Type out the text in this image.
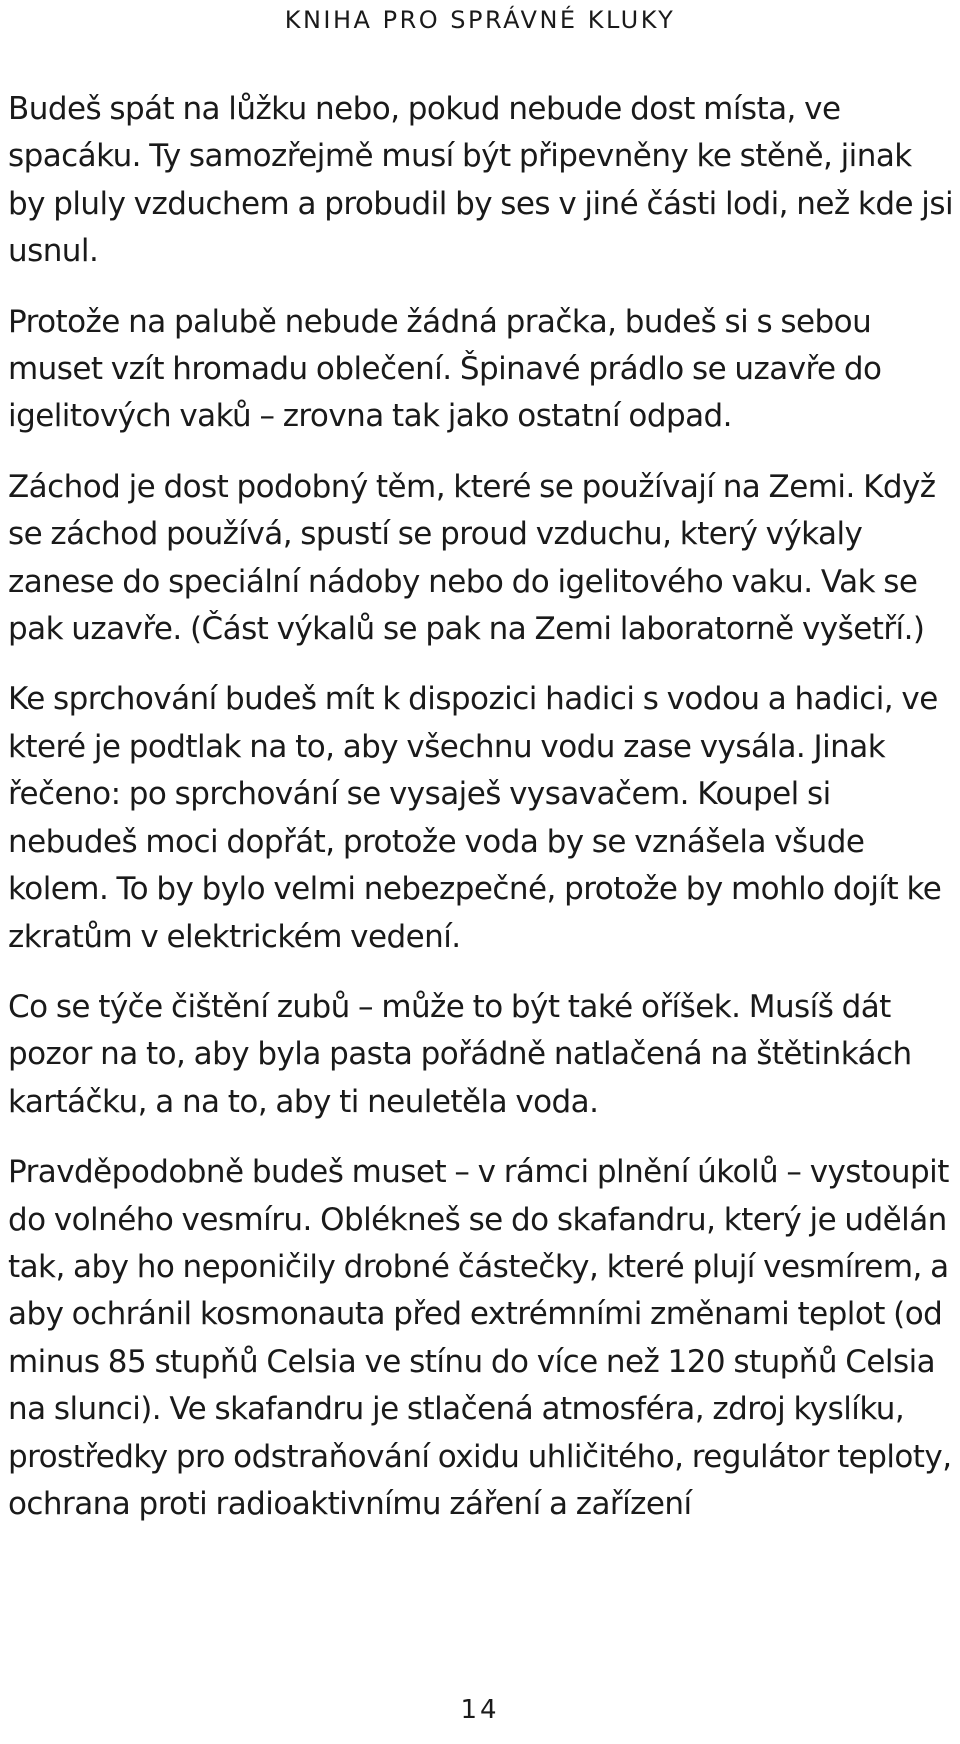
KNIHA PRO SPRÁVNÉ KLUKY

Budeš spát na lůžku nebo, pokud nebude dost místa, ve spacáku. Ty samozřejmě musí být připevněny ke stěně, jinak by pluly vzduchem a probudil by ses v jiné části lodi, než kde jsi usnul.

Protože na palubě nebude žádná pračka, budeš si s sebou muset vzít hromadu oblečení. Špinavé prádlo se uzavře do igelitových vaků – zrovna tak jako ostatní odpad.

Záchod je dost podobný těm, které se používají na Zemi. Když se záchod používá, spustí se proud vzduchu, který výkaly zanese do speciální nádoby nebo do igelitového vaku. Vak se pak uzavře. (Část výkalů se pak na Zemi laboratorně vyšetří.)

Ke sprchování budeš mít k dispozici hadici s vodou a hadici, ve které je podtlak na to, aby všechnu vodu zase vysála. Jinak řečeno: po sprchování se vysaješ vysavačem. Koupel si nebudeš moci dopřát, protože voda by se vznášela všude kolem. To by bylo velmi nebezpečné, protože by mohlo dojít ke zkratům v elektrickém vedení.

Co se týče čištění zubů – může to být také oříšek. Musíš dát pozor na to, aby byla pasta pořádně natlačená na štětinkách kartáčku, a na to, aby ti neuletěla voda.

Pravděpodobně budeš muset – v rámci plnění úkolů – vystoupit do volného vesmíru. Oblékneš se do skafandru, který je udělán tak, aby ho neponičily drobné částečky, které plují vesmírem, a aby ochránil kosmonauta před extrémními změnami teplot (od minus 85 stupňů Celsia ve stínu do více než 120 stupňů Celsia na slunci). Ve skafandru je stlačená atmosféra, zdroj kyslíku, prostředky pro odstraňování oxidu uhličitého, regulátor teploty, ochrana proti radioaktivnímu záření a zařízení

14
